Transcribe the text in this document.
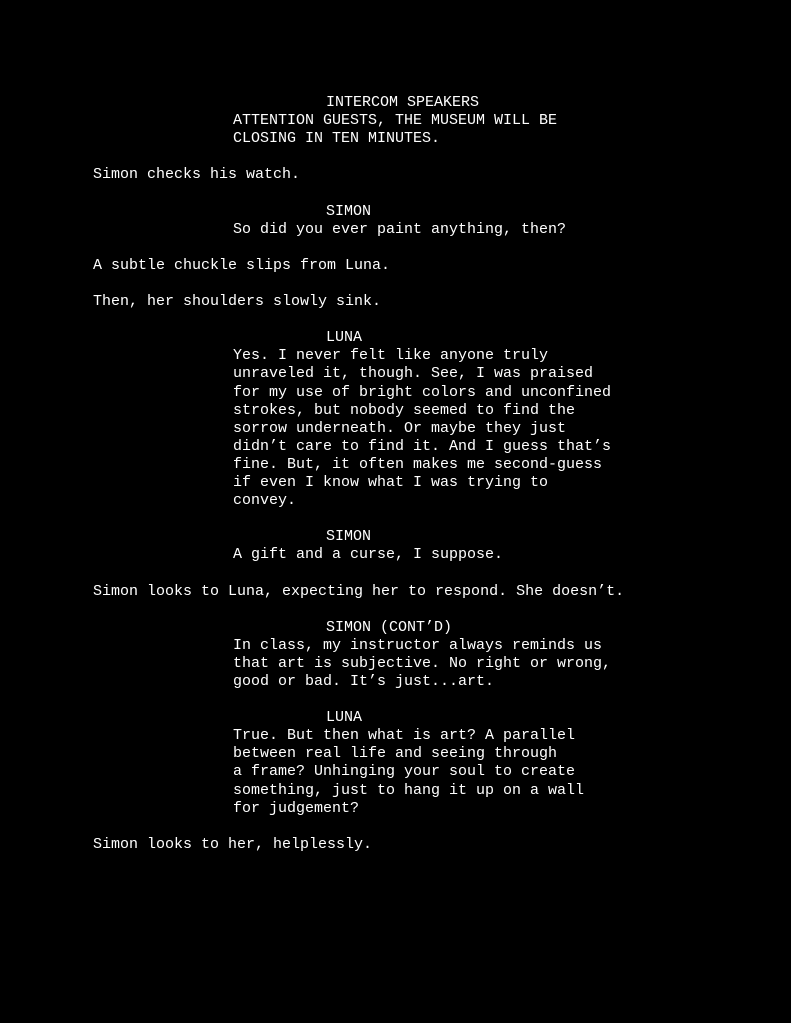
INTERCOM SPEAKERS
ATTENTION GUESTS, THE MUSEUM WILL BE
CLOSING IN TEN MINUTES.
Simon checks his watch.
SIMON
So did you ever paint anything, then?
A subtle chuckle slips from Luna.
Then, her shoulders slowly sink.
LUNA
Yes. I never felt like anyone truly
unraveled it, though. See, I was praised
for my use of bright colors and unconfined
strokes, but nobody seemed to find the
sorrow underneath. Or maybe they just
didn’t care to find it. And I guess that’s
fine. But, it often makes me second-guess
if even I know what I was trying to
convey.
SIMON
A gift and a curse, I suppose.
Simon looks to Luna, expecting her to respond. She doesn’t.
SIMON (CONT’D)
In class, my instructor always reminds us
that art is subjective. No right or wrong,
good or bad. It’s just...art.
LUNA
True. But then what is art? A parallel
between real life and seeing through
a frame? Unhinging your soul to create
something, just to hang it up on a wall
for judgement?
Simon looks to her, helplessly.
